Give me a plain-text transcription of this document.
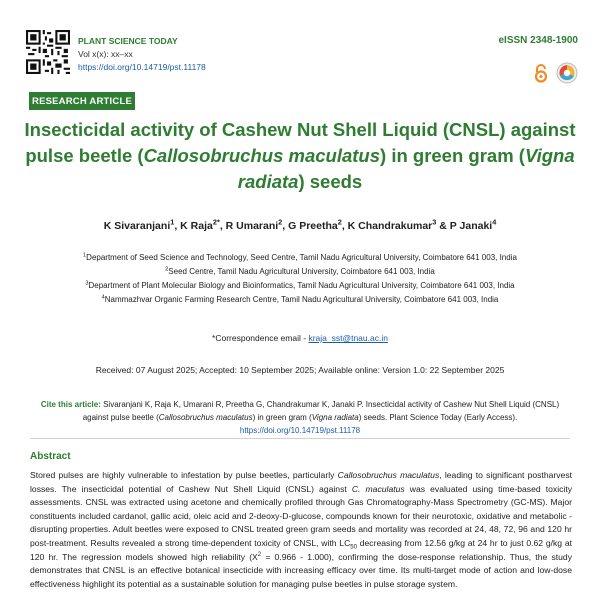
PLANT SCIENCE TODAY
Vol x(x): xx–xx
https://doi.org/10.14719/pst.11178
eISSN 2348-1900
RESEARCH ARTICLE
Insecticidal activity of Cashew Nut Shell Liquid (CNSL) against pulse beetle (Callosobruchus maculatus) in green gram (Vigna radiata) seeds
K Sivaranjani$^1$, K Raja$^{2*}$, R Umarani$^2$, G Preetha$^2$, K Chandrakumar$^3$ & P Janaki$^4$
$^1$Department of Seed Science and Technology, Seed Centre, Tamil Nadu Agricultural University, Coimbatore 641 003, India
$^2$Seed Centre, Tamil Nadu Agricultural University, Coimbatore 641 003, India
$^3$Department of Plant Molecular Biology and Bioinformatics, Tamil Nadu Agricultural University, Coimbatore 641 003, India
$^4$Nammazhvar Organic Farming Research Centre, Tamil Nadu Agricultural University, Coimbatore 641 003, India
*Correspondence email - kraja_sst@tnau.ac.in
Received: 07 August 2025; Accepted: 10 September 2025; Available online: Version 1.0: 22 September 2025
Cite this article: Sivaranjani K, Raja K, Umarani R, Preetha G, Chandrakumar K, Janaki P. Insecticidal activity of Cashew Nut Shell Liquid (CNSL) against pulse beetle (Callosobruchus maculatus) in green gram (Vigna radiata) seeds. Plant Science Today (Early Access). https://doi.org/10.14719/pst.11178
Abstract
Stored pulses are highly vulnerable to infestation by pulse beetles, particularly Callosobruchus maculatus, leading to significant postharvest losses. The insecticidal potential of Cashew Nut Shell Liquid (CNSL) against C. maculatus was evaluated using time-based toxicity assessments. CNSL was extracted using acetone and chemically profiled through Gas Chromatography-Mass Spectrometry (GC-MS). Major constituents included cardanol, gallic acid, oleic acid and 2-deoxy-D-glucose, compounds known for their neurotoxic, oxidative and metabolic -disrupting properties. Adult beetles were exposed to CNSL treated green gram seeds and mortality was recorded at 24, 48, 72, 96 and 120 hr post-treatment. Results revealed a strong time-dependent toxicity of CNSL, with $LC_{50}$ decreasing from 12.56 g/kg at 24 hr to just 0.62 g/kg at 120 hr. The regression models showed high reliability $(X^2 = 0.966 - 1.000)$, confirming the dose-response relationship. Thus, the study demonstrates that CNSL is an effective botanical insecticide with increasing efficacy over time. Its multi-target mode of action and low-dose effectiveness highlight its potential as a sustainable solution for managing pulse beetles in pulse storage system.
